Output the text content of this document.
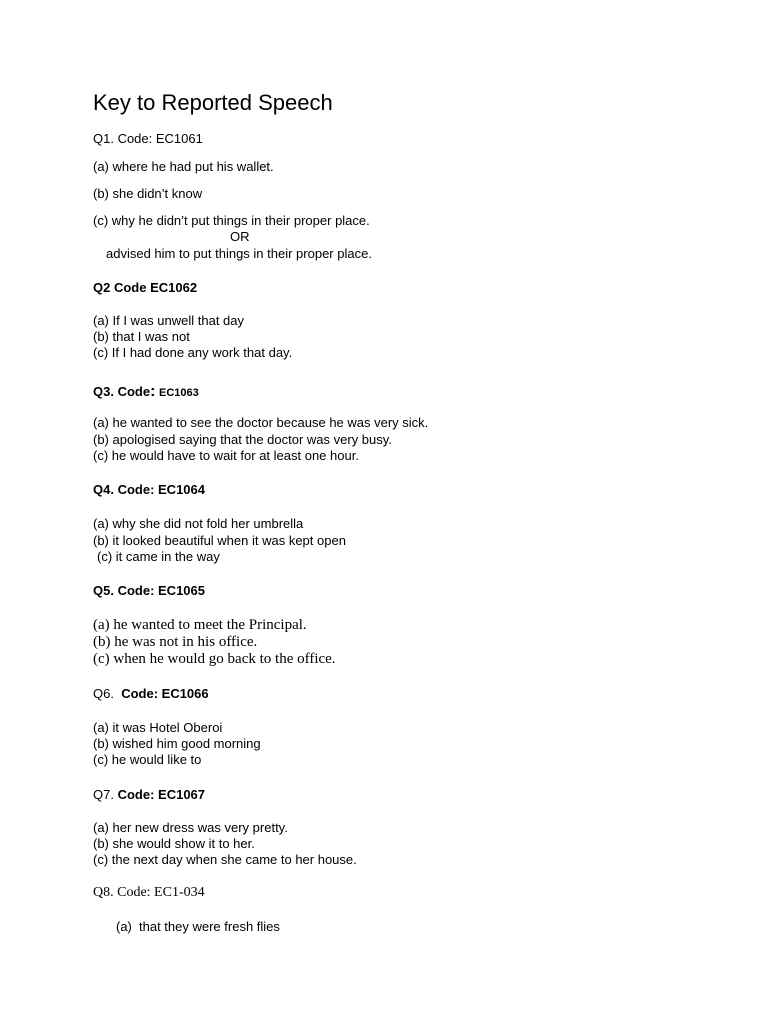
Key to Reported Speech
Q1. Code: EC1061
(a) where he had put his wallet.
(b) she didn’t know
(c) why he didn’t put things in their proper place.
OR
advised him to put things in their proper place.
Q2 Code EC1062
(a) If I was unwell that day
(b) that I was not
(c) If I had done any work that day.
Q3. Code: EC1063
(a) he wanted to see the doctor because he was very sick.
(b) apologised saying that the doctor was very busy.
(c) he would have to wait for at least one hour.
Q4. Code: EC1064
(a) why she did not fold her umbrella
(b) it looked beautiful when it was kept open
(c) it came in the way
Q5. Code: EC1065
(a) he wanted to meet the Principal.
(b) he was not in his office.
(c) when he would go back to the office.
Q6. Code: EC1066
(a) it was Hotel Oberoi
(b) wished him good morning
(c) he would like to
Q7. Code: EC1067
(a) her new dress was very pretty.
(b) she would show it to her.
(c) the next day when she came to her house.
Q8. Code: EC1-034
(a) that they were fresh flies
